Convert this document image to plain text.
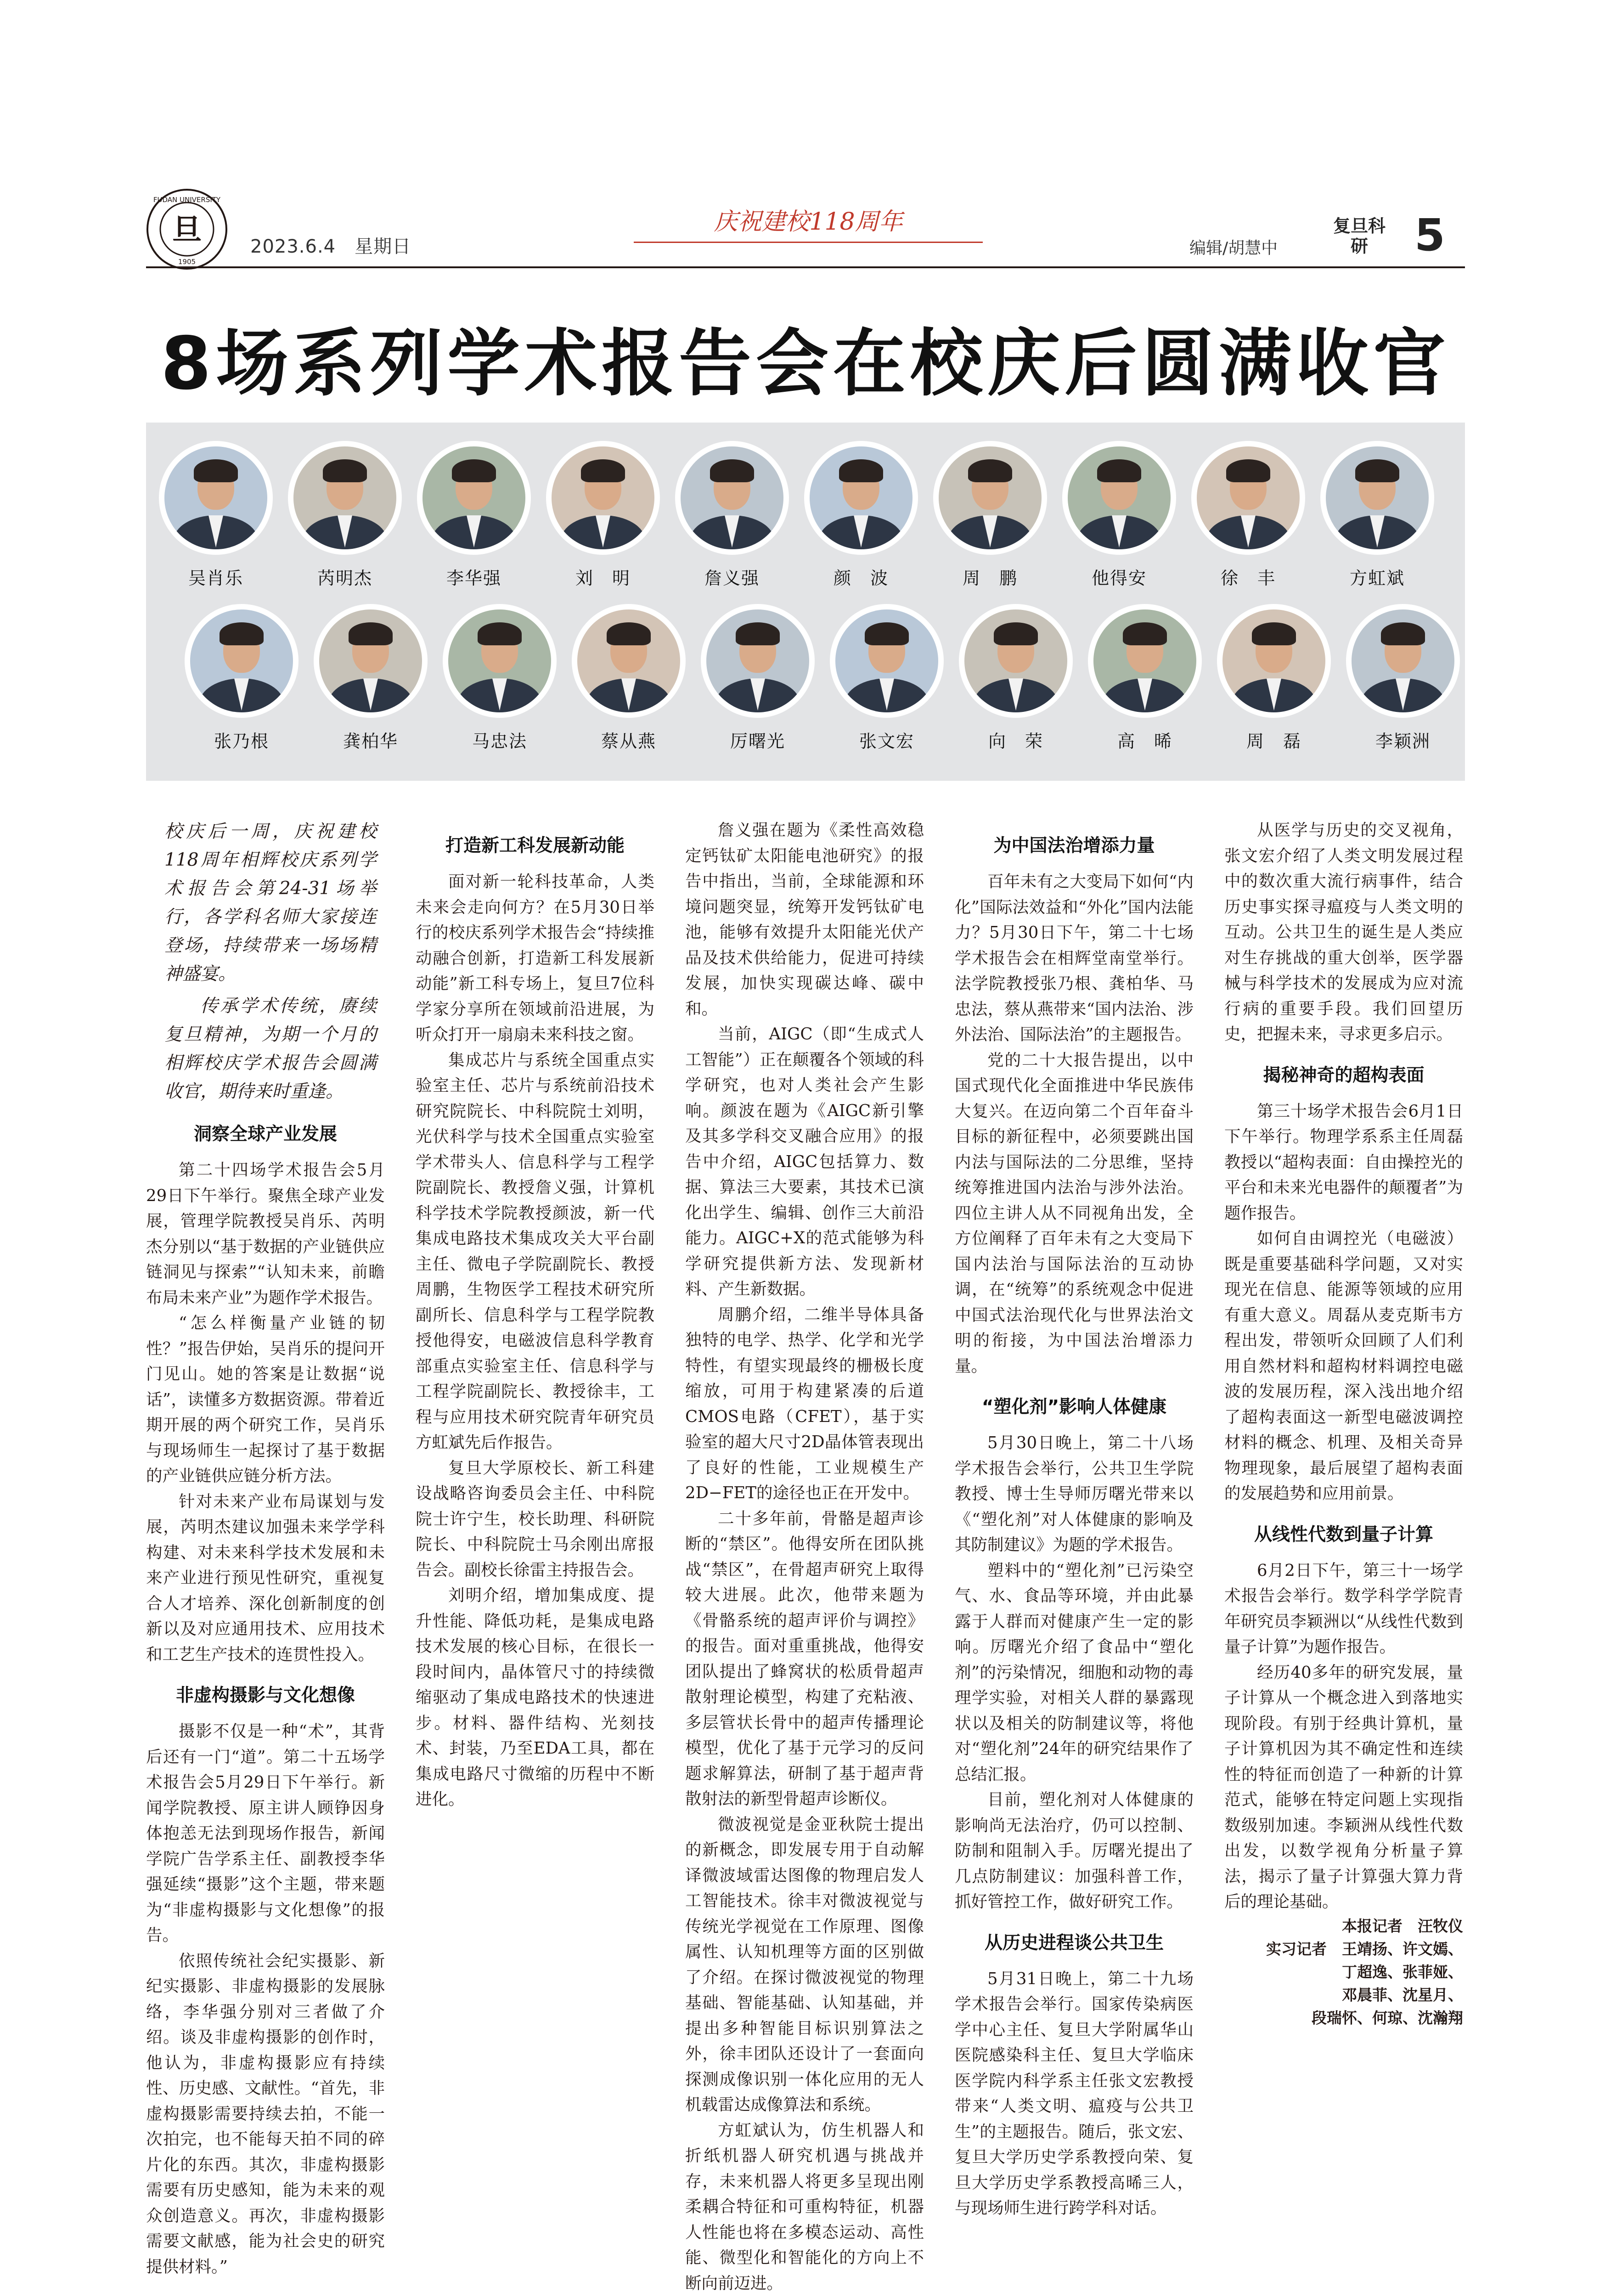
旦
FUDAN UNIVERSITY
1905
2023.6.4　星期日
庆祝建校118周年
编辑/胡慧中
复旦科研	5
8场系列学术报告会在校庆后圆满收官
吴肖乐	芮明杰	李华强	刘　明	詹义强	颜　波	周　鹏	他得安	徐　丰	方虹斌
张乃根	龚柏华	马忠法	蔡从燕	厉曙光	张文宏	向　荣	高　晞	周　磊	李颖洲

校庆后一周，庆祝建校118周年相辉校庆系列学术报告会第24-31场举行，各学科名师大家接连登场，持续带来一场场精神盛宴。

传承学术传统，赓续复旦精神，为期一个月的相辉校庆学术报告会圆满收官，期待来时重逢。

洞察全球产业发展

第二十四场学术报告会5月29日下午举行。聚焦全球产业发展，管理学院教授吴肖乐、芮明杰分别以“基于数据的产业链供应链洞见与探索”“认知未来，前瞻布局未来产业”为题作学术报告。

“怎么样衡量产业链的韧性？”报告伊始，吴肖乐的提问开门见山。她的答案是让数据“说话”，读懂多方数据资源。带着近期开展的两个研究工作，吴肖乐与现场师生一起探讨了基于数据的产业链供应链分析方法。

针对未来产业布局谋划与发展，芮明杰建议加强未来学学科构建、对未来科学技术发展和未来产业进行预见性研究，重视复合人才培养、深化创新制度的创新以及对应通用技术、应用技术和工艺生产技术的连贯性投入。

非虚构摄影与文化想像

摄影不仅是一种“术”，其背后还有一门“道”。第二十五场学术报告会5月29日下午举行。新闻学院教授、原主讲人顾铮因身体抱恙无法到现场作报告，新闻学院广告学系主任、副教授李华强延续“摄影”这个主题，带来题为“非虚构摄影与文化想像”的报告。

依照传统社会纪实摄影、新纪实摄影、非虚构摄影的发展脉络，李华强分别对三者做了介绍。谈及非虚构摄影的创作时，他认为，非虚构摄影应有持续性、历史感、文献性。“首先，非虚构摄影需要持续去拍，不能一次拍完，也不能每天拍不同的碎片化的东西。其次，非虚构摄影需要有历史感知，能为未来的观众创造意义。再次，非虚构摄影需要文献感，能为社会史的研究提供材料。”

打造新工科发展新动能

面对新一轮科技革命，人类未来会走向何方？在5月30日举行的校庆系列学术报告会“持续推动融合创新，打造新工科发展新动能”新工科专场上，复旦7位科学家分享所在领域前沿进展，为听众打开一扇扇未来科技之窗。

集成芯片与系统全国重点实验室主任、芯片与系统前沿技术研究院院长、中科院院士刘明，光伏科学与技术全国重点实验室学术带头人、信息科学与工程学院副院长、教授詹义强，计算机科学技术学院教授颜波，新一代集成电路技术集成攻关大平台副主任、微电子学院副院长、教授周鹏，生物医学工程技术研究所副所长、信息科学与工程学院教授他得安，电磁波信息科学教育部重点实验室主任、信息科学与工程学院副院长、教授徐丰，工程与应用技术研究院青年研究员方虹斌先后作报告。

复旦大学原校长、新工科建设战略咨询委员会主任、中科院院士许宁生，校长助理、科研院院长、中科院院士马余刚出席报告会。副校长徐雷主持报告会。

刘明介绍，增加集成度、提升性能、降低功耗，是集成电路技术发展的核心目标，在很长一段时间内，晶体管尺寸的持续微缩驱动了集成电路技术的快速进步。材料、器件结构、光刻技术、封装，乃至EDA工具，都在集成电路尺寸微缩的历程中不断进化。

詹义强在题为《柔性高效稳定钙钛矿太阳能电池研究》的报告中指出，当前，全球能源和环境问题突显，统筹开发钙钛矿电池，能够有效提升太阳能光伏产品及技术供给能力，促进可持续发展，加快实现碳达峰、碳中和。

当前，AIGC（即“生成式人工智能”）正在颠覆各个领域的科学研究，也对人类社会产生影响。颜波在题为《AIGC新引擎及其多学科交叉融合应用》的报告中介绍，AIGC包括算力、数据、算法三大要素，其技术已演化出学生、编辑、创作三大前沿能力。AIGC+X的范式能够为科学研究提供新方法、发现新材料、产生新数据。

周鹏介绍，二维半导体具备独特的电学、热学、化学和光学特性，有望实现最终的栅极长度缩放，可用于构建紧凑的后道CMOS电路（CFET），基于实验室的超大尺寸2D晶体管表现出了良好的性能，工业规模生产2D−FET的途径也正在开发中。

二十多年前，骨骼是超声诊断的“禁区”。他得安所在团队挑战“禁区”，在骨超声研究上取得较大进展。此次，他带来题为《骨骼系统的超声评价与调控》的报告。面对重重挑战，他得安团队提出了蜂窝状的松质骨超声散射理论模型，构建了充粘液、多层管状长骨中的超声传播理论模型，优化了基于元学习的反问题求解算法，研制了基于超声背散射法的新型骨超声诊断仪。

微波视觉是金亚秋院士提出的新概念，即发展专用于自动解译微波域雷达图像的物理启发人工智能技术。徐丰对微波视觉与传统光学视觉在工作原理、图像属性、认知机理等方面的区别做了介绍。在探讨微波视觉的物理基础、智能基础、认知基础，并提出多种智能目标识别算法之外，徐丰团队还设计了一套面向探测成像识别一体化应用的无人机载雷达成像算法和系统。

方虹斌认为，仿生机器人和折纸机器人研究机遇与挑战并存，未来机器人将更多呈现出刚柔耦合特征和可重构特征，机器人性能也将在多模态运动、高性能、微型化和智能化的方向上不断向前迈进。

为中国法治增添力量

百年未有之大变局下如何“内化”国际法效益和“外化”国内法能力？5月30日下午，第二十七场学术报告会在相辉堂南堂举行。法学院教授张乃根、龚柏华、马忠法，蔡从燕带来“国内法治、涉外法治、国际法治”的主题报告。

党的二十大报告提出，以中国式现代化全面推进中华民族伟大复兴。在迈向第二个百年奋斗目标的新征程中，必须要跳出国内法与国际法的二分思维，坚持统筹推进国内法治与涉外法治。四位主讲人从不同视角出发，全方位阐释了百年未有之大变局下国内法治与国际法治的互动协调，在“统筹”的系统观念中促进中国式法治现代化与世界法治文明的衔接，为中国法治增添力量。

“塑化剂”影响人体健康

5月30日晚上，第二十八场学术报告会举行，公共卫生学院教授、博士生导师厉曙光带来以《“塑化剂”对人体健康的影响及其防制建议》为题的学术报告。

塑料中的“塑化剂”已污染空气、水、食品等环境，并由此暴露于人群而对健康产生一定的影响。厉曙光介绍了食品中“塑化剂”的污染情况，细胞和动物的毒理学实验，对相关人群的暴露现状以及相关的防制建议等，将他对“塑化剂”24年的研究结果作了总结汇报。

目前，塑化剂对人体健康的影响尚无法治疗，仍可以控制、防制和阻制入手。厉曙光提出了几点防制建议：加强科普工作，抓好管控工作，做好研究工作。

从历史进程谈公共卫生

5月31日晚上，第二十九场学术报告会举行。国家传染病医学中心主任、复旦大学附属华山医院感染科主任、复旦大学临床医学院内科学系主任张文宏教授带来“人类文明、瘟疫与公共卫生”的主题报告。随后，张文宏、复旦大学历史学系教授向荣、复旦大学历史学系教授高晞三人，与现场师生进行跨学科对话。

从医学与历史的交叉视角，张文宏介绍了人类文明发展过程中的数次重大流行病事件，结合历史事实探寻瘟疫与人类文明的互动。公共卫生的诞生是人类应对生存挑战的重大创举，医学器械与科学技术的发展成为应对流行病的重要手段。我们回望历史，把握未来，寻求更多启示。

揭秘神奇的超构表面

第三十场学术报告会6月1日下午举行。物理学系系主任周磊教授以“超构表面：自由操控光的平台和未来光电器件的颠覆者”为题作报告。

如何自由调控光（电磁波）既是重要基础科学问题，又对实现光在信息、能源等领域的应用有重大意义。周磊从麦克斯韦方程出发，带领听众回顾了人们利用自然材料和超构材料调控电磁波的发展历程，深入浅出地介绍了超构表面这一新型电磁波调控材料的概念、机理、及相关奇异物理现象，最后展望了超构表面的发展趋势和应用前景。

从线性代数到量子计算

6月2日下午，第三十一场学术报告会举行。数学科学学院青年研究员李颖洲以“从线性代数到量子计算”为题作报告。

经历40多年的研究发展，量子计算从一个概念进入到落地实现阶段。有别于经典计算机，量子计算机因为其不确定性和连续性的特征而创造了一种新的计算范式，能够在特定问题上实现指数级别加速。李颖洲从线性代数出发，以数学视角分析量子算法，揭示了量子计算强大算力背后的理论基础。

本报记者　汪牧仪

实习记者　王靖扬、许文嫣、

丁超逸、张菲娅、

邓晨菲、沈星月、

段瑞怀、何琼、沈瀚翔
